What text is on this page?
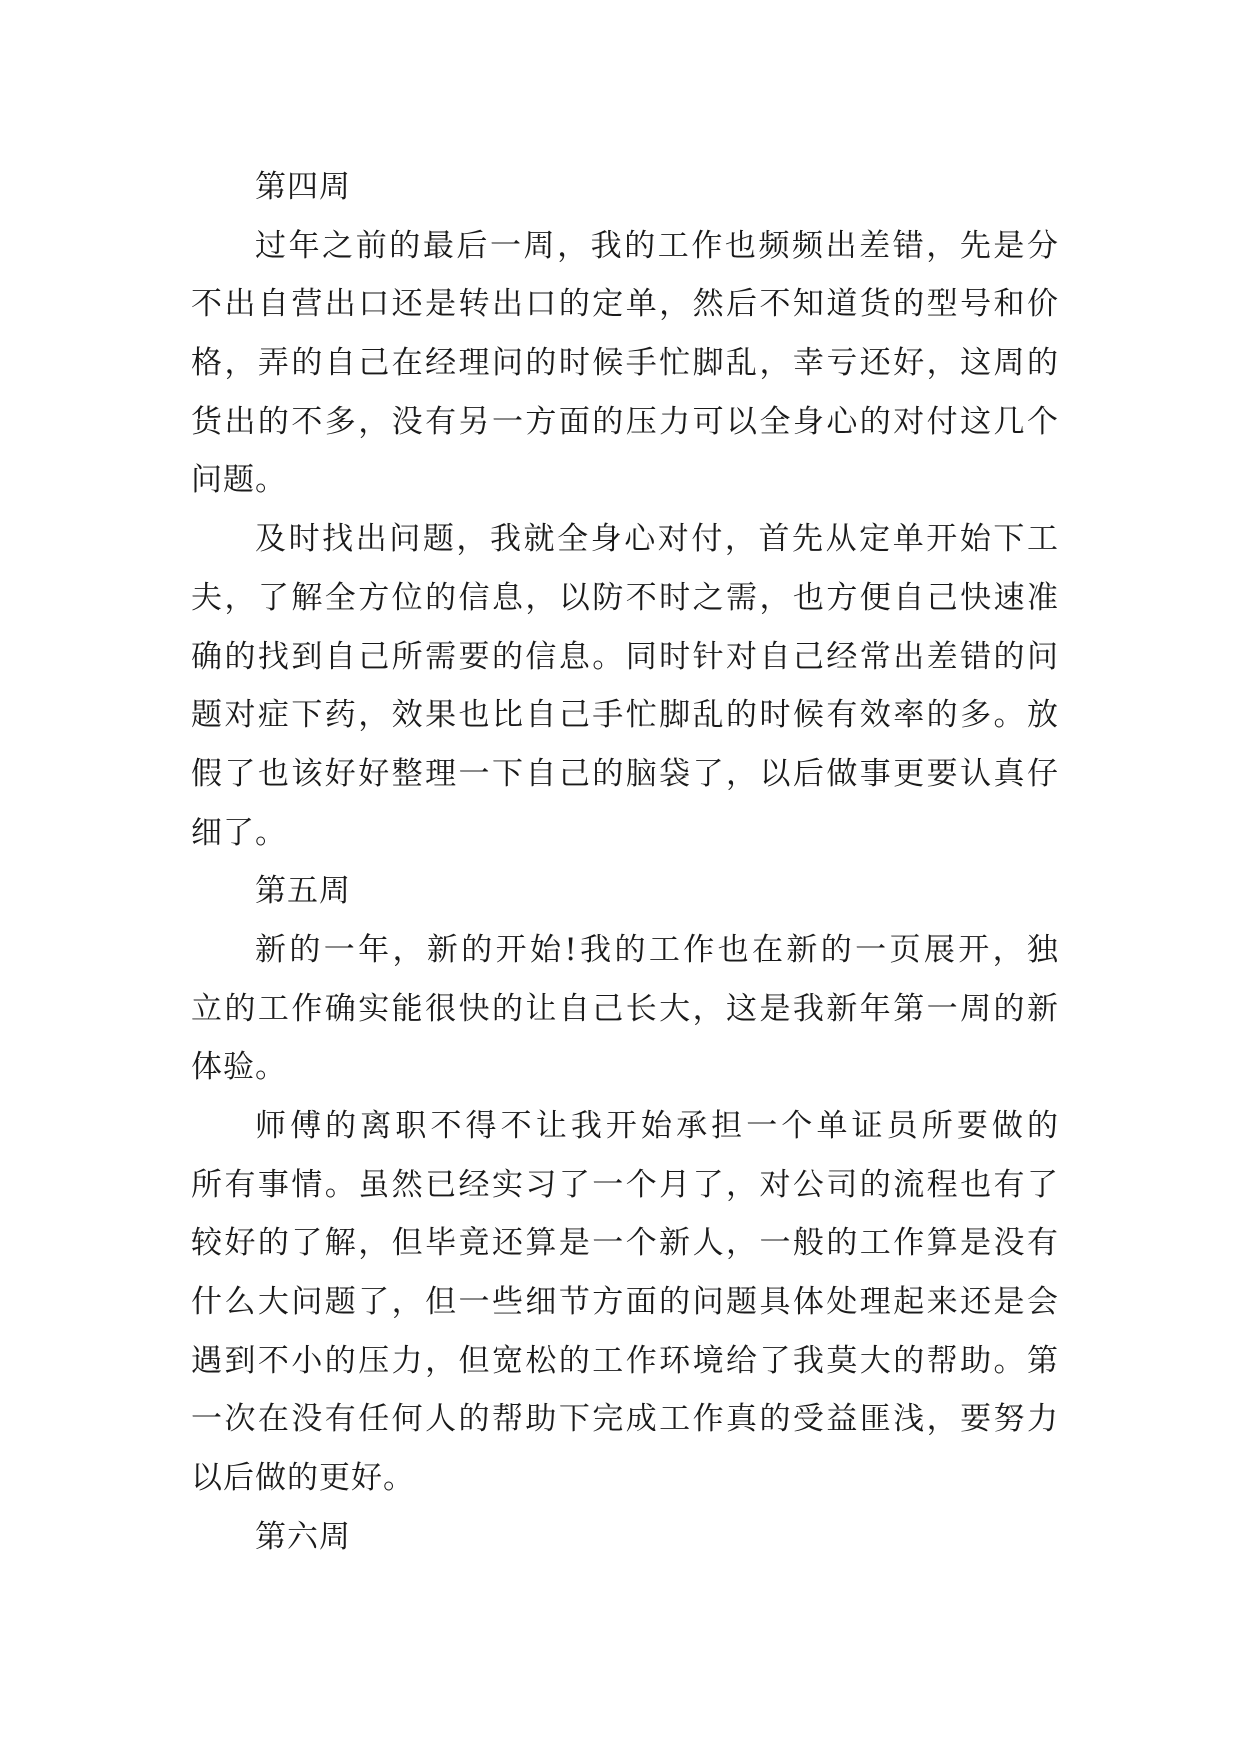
第四周
过年之前的最后一周，我的工作也频频出差错，先是分
不出自营出口还是转出口的定单，然后不知道货的型号和价
格，弄的自己在经理问的时候手忙脚乱，幸亏还好，这周的
货出的不多，没有另一方面的压力可以全身心的对付这几个
问题。
及时找出问题，我就全身心对付，首先从定单开始下工
夫，了解全方位的信息，以防不时之需，也方便自己快速准
确的找到自己所需要的信息。同时针对自己经常出差错的问
题对症下药，效果也比自己手忙脚乱的时候有效率的多。放
假了也该好好整理一下自己的脑袋了，以后做事更要认真仔
细了。
第五周
新的一年，新的开始!我的工作也在新的一页展开，独
立的工作确实能很快的让自己长大，这是我新年第一周的新
体验。
师傅的离职不得不让我开始承担一个单证员所要做的
所有事情。虽然已经实习了一个月了，对公司的流程也有了
较好的了解，但毕竟还算是一个新人，一般的工作算是没有
什么大问题了，但一些细节方面的问题具体处理起来还是会
遇到不小的压力，但宽松的工作环境给了我莫大的帮助。第
一次在没有任何人的帮助下完成工作真的受益匪浅，要努力
以后做的更好。
第六周
